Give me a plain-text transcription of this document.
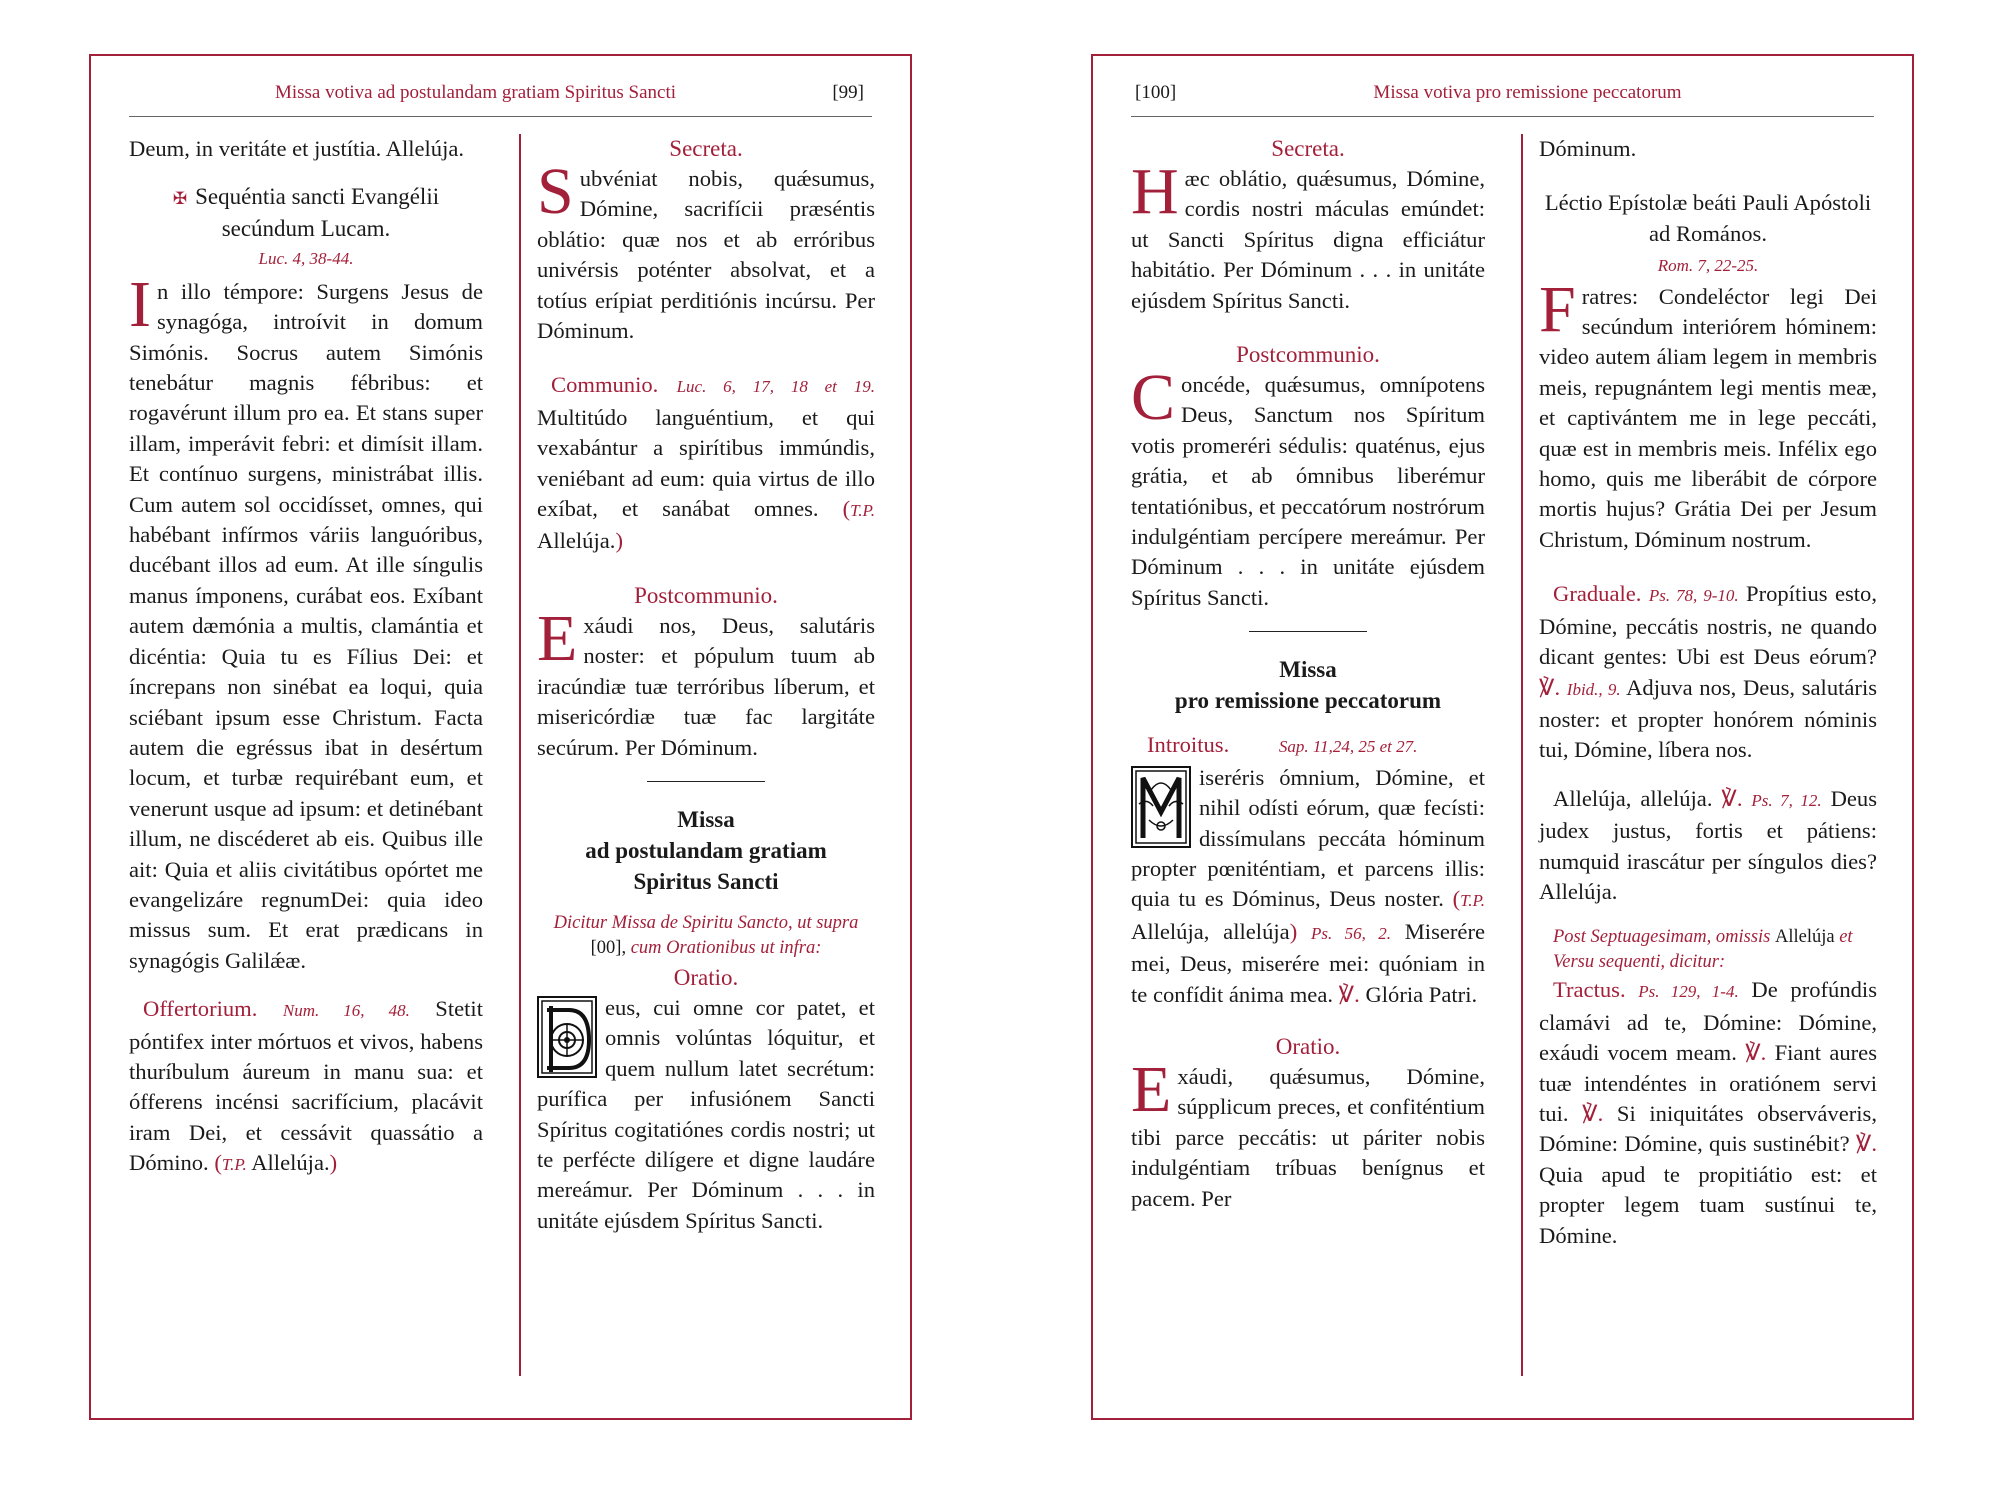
Missa votiva ad postulandam gratiam Spiritus Sancti	[99]

Deum, in veritáte et justítia. Allelúja.

✠ Sequéntia sancti Evangélii secúndum Lucam.
Luc. 4, 38-44.

In illo témpore: Surgens Jesus de synagóga, introívit in domum Simónis. Socrus autem Simónis tenebátur magnis fébribus: et rogavérunt illum pro ea. Et stans super illam, imperávit febri: et dimísit illam. Et contínuo surgens, ministrábat illis. Cum autem sol occidísset, omnes, qui habébant infírmos váriis languóribus, ducébant illos ad eum. At ille síngulis manus ímponens, curábat eos. Exíbant autem dæmónia a multis, clamántia et dicéntia: Quia tu es Fílius Dei: et íncrepans non sinébat ea loqui, quia sciébant ipsum esse Christum. Facta autem die egréssus ibat in desértum locum, et turbæ requirébant eum, et venerunt usque ad ipsum: et detinébant illum, ne discéderet ab eis. Quibus ille ait: Quia et aliis civitátibus opórtet me evangelizáre regnumDei: quia ideo missus sum. Et erat prædicans in synagógis Galilǽæ.

Offertorium. Num. 16, 48. Stetit póntifex inter mórtuos et vivos, habens thuríbulum áureum in manu sua: et ófferens incénsi sacrifícium, placávit iram Dei, et cessávit quassátio a Dómino. (T.P. Allelúja.)

Secreta.

Subvéniat nobis, quǽsumus, Dómine, sacrifícii præséntis oblátio: quæ nos et ab erróribus univérsis poténter absolvat, et a totíus erípiat perditiónis incúrsu. Per Dóminum.

Communio. Luc. 6, 17, 18 et 19. Multitúdo languéntium, et qui vexabántur a spirítibus immúndis, veniébant ad eum: quia virtus de illo exíbat, et sanábat omnes. (T.P. Allelúja.)

Postcommunio.

Exáudi nos, Deus, salutáris noster: et pópulum tuum ab iracúndiæ tuæ terróribus líberum, et misericórdiæ tuæ fac largitáte secúrum. Per Dóminum.

Missa
ad postulandam gratiam
Spiritus Sancti
Dicitur Missa de Spiritu Sancto, ut supra [00], cum Orationibus ut infra:
Oratio.

eus, cui omne cor patet, et omnis volúntas lóquitur, et quem nullum latet secrétum: purífica per infusiónem Sancti Spíritus cogitatiónes cordis nostri; ut te perfécte dilígere et digne laudáre mereámur. Per Dóminum . . . in unitáte ejúsdem Spíritus Sancti.

[100]	Missa votiva pro remissione peccatorum
Secreta.

Hæc oblátio, quǽsumus, Dómine, cordis nostri máculas emúndet: ut Sancti Spíritus digna efficiátur habitátio. Per Dóminum . . . in unitáte ejúsdem Spíritus Sancti.

Postcommunio.

Concéde, quǽsumus, omnípotens Deus, Sanctum nos Spíritum votis promeréri sédulis: quaténus, ejus grátia, et ab ómnibus liberémur tentatiónibus, et peccatórum nostrórum indulgéntiam percípere mereámur. Per Dóminum . . . in unitáte ejúsdem Spíritus Sancti.

Missa
pro remissione peccatorum
Introitus.	Sap. 11,24, 25 et 27.

iseréris ómnium, Dómine, et nihil odísti eórum, quæ fecísti: dissímulans peccáta hóminum propter pœniténtiam, et parcens illis: quia tu es Dóminus, Deus noster. (T.P. Allelúja, allelúja) Ps. 56, 2. Miserére mei, Deus, miserére mei: quóniam in te confídit ánima mea. ℣. Glória Patri.

Oratio.

Exáudi, quǽsumus, Dómine, súpplicum preces, et confiténtium tibi parce peccátis: ut páriter nobis indulgéntiam tríbuas benígnus et pacem. Per

Dóminum.

Léctio Epístolæ beáti Pauli Apóstoli ad Romános.
Rom. 7, 22-25.

Fratres: Condeléctor legi Dei secúndum interiórem hóminem: video autem áliam legem in membris meis, repugnántem legi mentis meæ, et captivántem me in lege peccáti, quæ est in membris meis. Infélix ego homo, quis me liberábit de córpore mortis hujus? Grátia Dei per Jesum Christum, Dóminum nostrum.

Graduale. Ps. 78, 9-10. Propítius esto, Dómine, peccátis nostris, ne quando dicant gentes: Ubi est Deus eórum? ℣. Ibid., 9. Adjuva nos, Deus, salutáris noster: et propter honórem nóminis tui, Dómine, líbera nos.

Allelúja, allelúja. ℣. Ps. 7, 12. Deus judex justus, fortis et pátiens: numquid irascátur per síngulos dies? Allelúja.

Post Septuagesimam, omissis Allelúja et Versu sequenti, dicitur:

Tractus. Ps. 129, 1-4. De profúndis clamávi ad te, Dómine: Dómine, exáudi vocem meam. ℣. Fiant aures tuæ intendéntes in oratiónem servi tui. ℣. Si iniquitátes observáveris, Dómine: Dómine, quis sustinébit? ℣. Quia apud te propitiátio est: et propter legem tuam sustínui te, Dómine.
